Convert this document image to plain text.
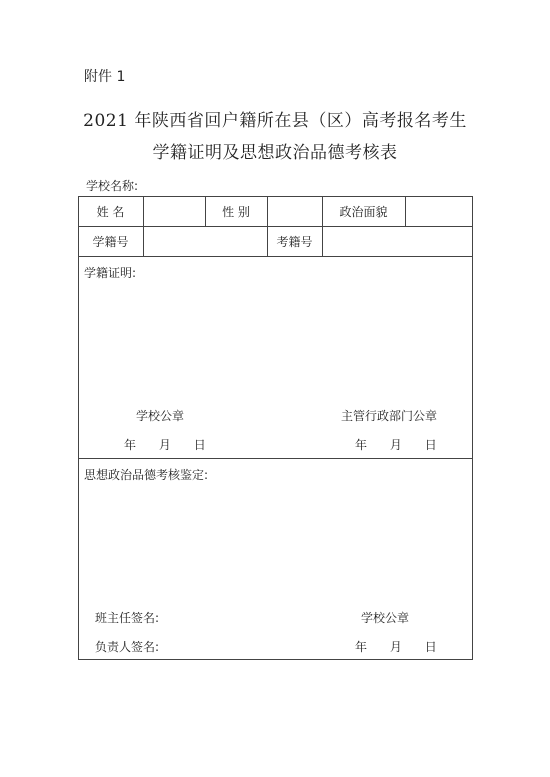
附件 1
2021 年陕西省回户籍所在县（区）高考报名考生
学籍证明及思想政治品德考核表
学校名称:
姓 名	性 别	政治面貌
学籍号	考籍号
学籍证明:
学校公章	主管行政部门公章
年      月      日	年      月      日
思想政治品德考核鉴定:
班主任签名:	学校公章
负责人签名:	年      月      日
